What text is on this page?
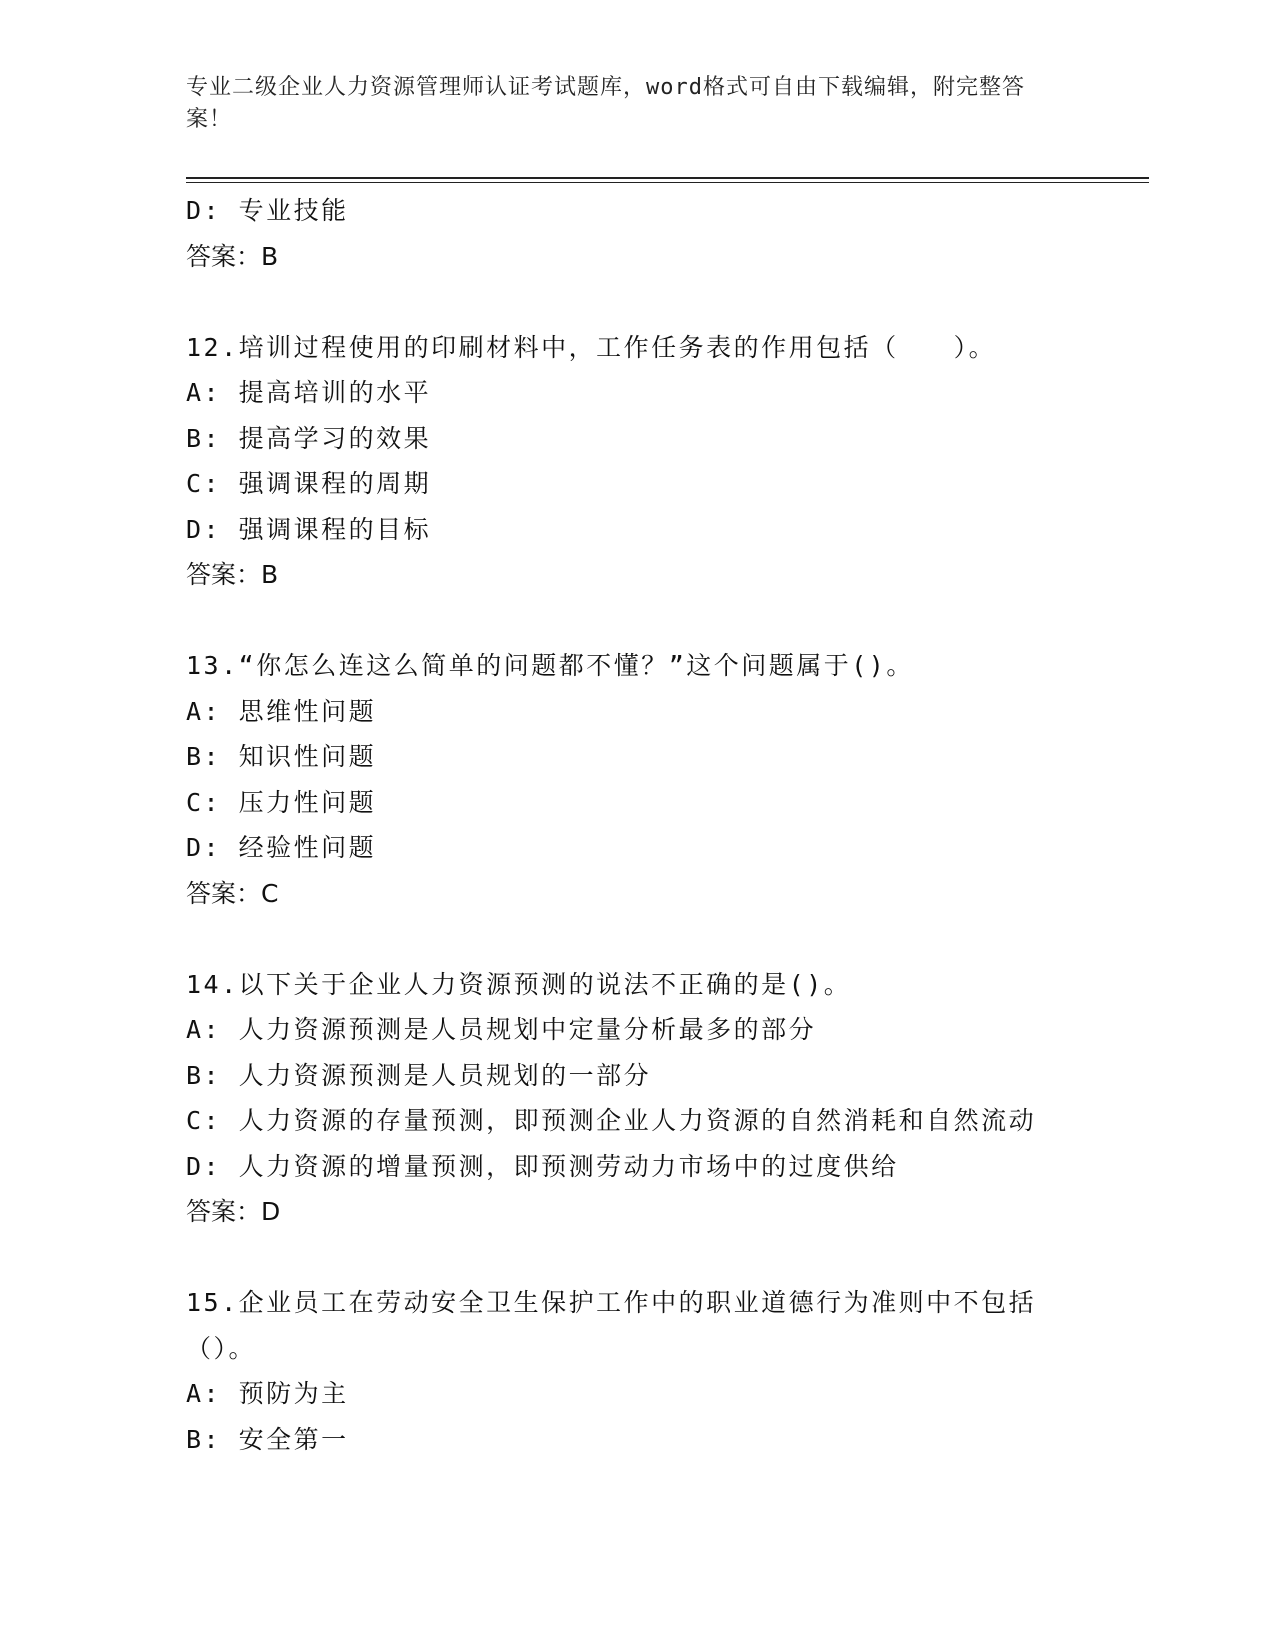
专业二级企业人力资源管理师认证考试题库，word格式可自由下载编辑，附完整答案！
D: 专业技能
答案：B
12.培训过程使用的印刷材料中，工作任务表的作用包括（　　）。
A: 提高培训的水平
B: 提高学习的效果
C: 强调课程的周期
D: 强调课程的目标
答案：B
13.“你怎么连这么简单的问题都不懂？”这个问题属于()。
A: 思维性问题
B: 知识性问题
C: 压力性问题
D: 经验性问题
答案：C
14.以下关于企业人力资源预测的说法不正确的是()。
A: 人力资源预测是人员规划中定量分析最多的部分
B: 人力资源预测是人员规划的一部分
C: 人力资源的存量预测，即预测企业人力资源的自然消耗和自然流动
D: 人力资源的增量预测，即预测劳动力市场中的过度供给
答案：D
15.企业员工在劳动安全卫生保护工作中的职业道德行为准则中不包括（）。
A: 预防为主
B: 安全第一
